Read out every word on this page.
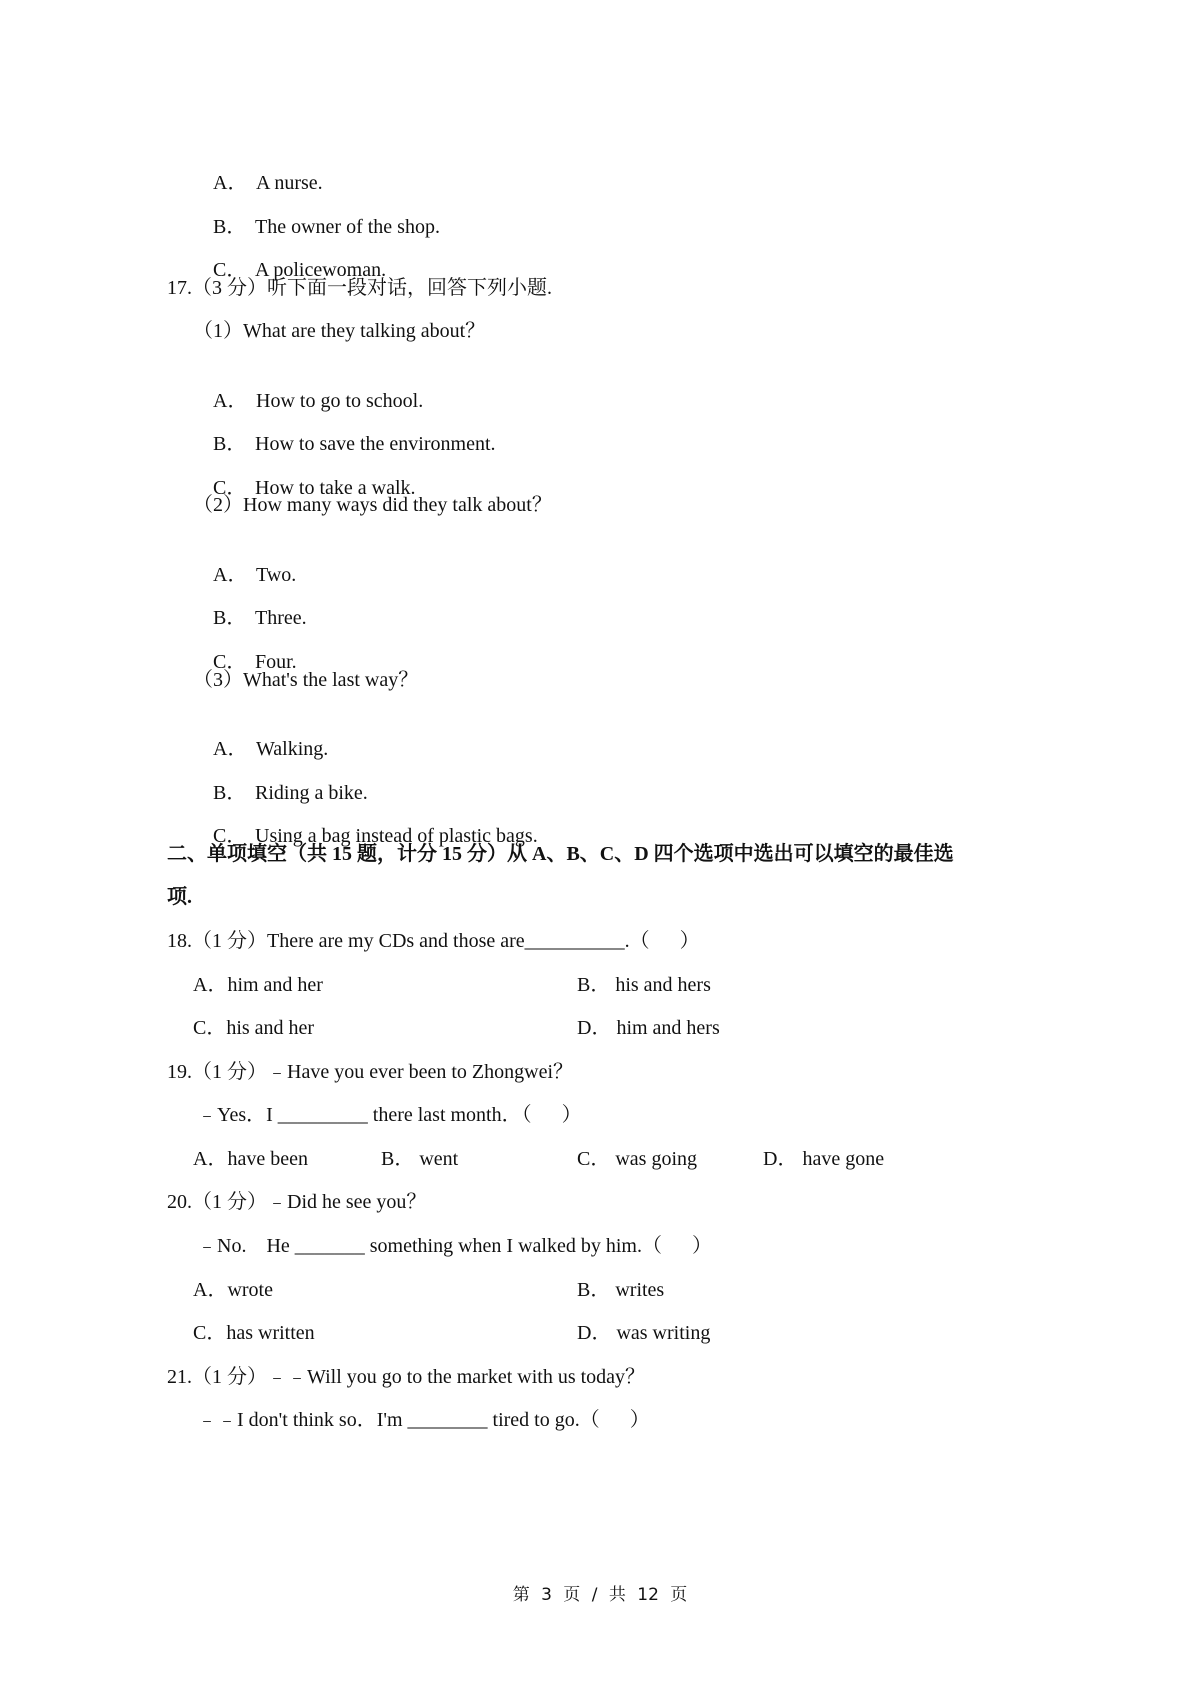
A． A nurse.

B． The owner of the shop.

C． A policewoman.

17.（3 分）听下面一段对话，回答下列小题.
（1）What are they talking about？

A． How to go to school.

B． How to save the environment.

C． How to take a walk.

（2）How many ways did they talk about？

A． Two.

B． Three.

C． Four.

（3）What's the last way？

A． Walking.

B． Riding a bike.

C． Using a bag instead of plastic bags.

二、单项填空（共 15 题，计分 15 分）从 A、B、C、D 四个选项中选出可以填空的最佳选
项.
18.（1 分）There are my CDs and those are__________.（      ）
A．him and her	B． his and hers
C．his and her	D． him and hers
19.（1 分）﹣Have you ever been to Zhongwei？
﹣Yes．I _________ there last month．（      ）
A．have been	B． went	C． was going	D． have gone
20.（1 分）﹣Did he see you？
﹣No.    He _______ something when I walked by him.（      ）
A．wrote	B． writes
C．has written	D． was writing
21.（1 分）﹣﹣Will you go to the market with us today？
﹣﹣I don't think so．I'm ________ tired to go.（      ）
第 3 页 / 共 12 页
